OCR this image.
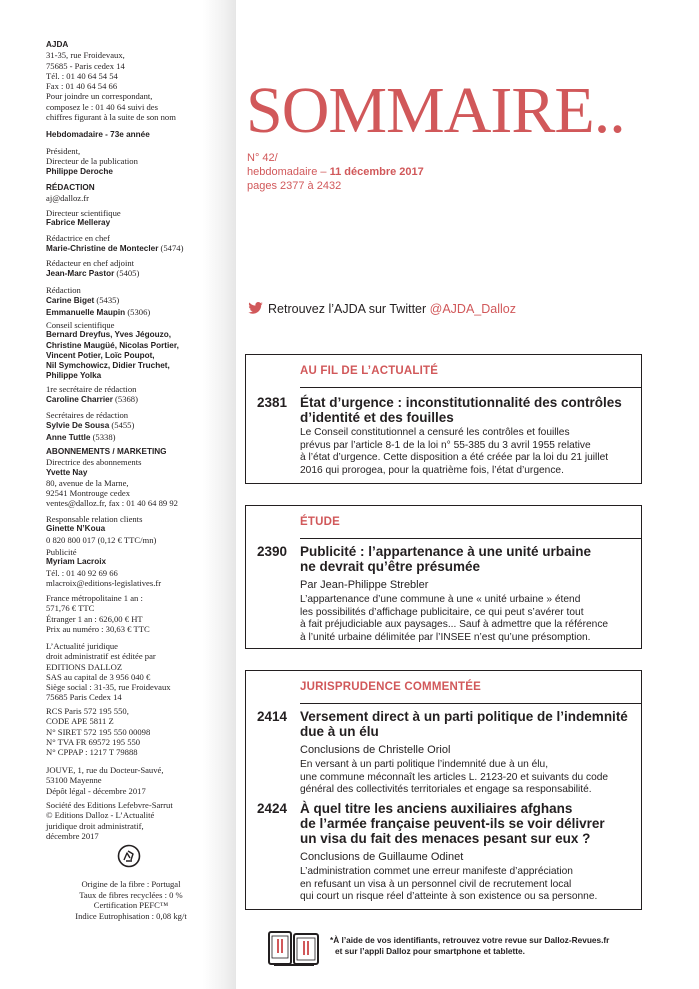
AJDA
31-35, rue Froidevaux,
75685 - Paris cedex 14
Tél. : 01 40 64 54 54
Fax : 01 40 64 54 66
Pour joindre un correspondant,
composez le : 01 40 64 suivi des
chiffres figurant à la suite de son nom
Hebdomadaire - 73e année
Président,
Directeur de la publication
Philippe Deroche
RÉDACTION
aj@dalloz.fr
Directeur scientifique
Fabrice Melleray
Rédactrice en chef
Marie-Christine de Montecler (5474)
Rédacteur en chef adjoint
Jean-Marc Pastor (5405)
Rédaction
Carine Biget (5435)
Emmanuelle Maupin (5306)
Conseil scientifique
Bernard Dreyfus, Yves Jégouzo,
Christine Maugüé, Nicolas Portier,
Vincent Potier, Loïc Poupot,
Nil Symchowicz, Didier Truchet,
Philippe Yolka
1re secrétaire de rédaction
Caroline Charrier (5368)
Secrétaires de rédaction
Sylvie De Sousa (5455)
Anne Tuttle (5338)
ABONNEMENTS / MARKETING
Directrice des abonnements
Yvette Nay
80, avenue de la Marne,
92541 Montrouge cedex
ventes@dalloz.fr, fax : 01 40 64 89 92
Responsable relation clients
Ginette N’Koua
0 820 800 017 (0,12 € TTC/mn)
Publicité
Myriam Lacroix
Tél. : 01 40 92 69 66
mlacroix@editions-legislatives.fr
France métropolitaine 1 an :
571,76 € TTC
Étranger 1 an : 626,00 € HT
Prix au numéro : 30,63 € TTC
L’Actualité juridique
droit administratif est éditée par
EDITIONS DALLOZ
SAS au capital de 3 956 040 €
Siège social : 31-35, rue Froidevaux
75685 Paris Cedex 14
RCS Paris 572 195 550,
CODE APE 5811 Z
N° SIRET 572 195 550 00098
N° TVA FR 69572 195 550
N° CPPAP : 1217 T 79888
JOUVE, 1, rue du Docteur-Sauvé,
53100 Mayenne
Dépôt légal - décembre 2017
Société des Editions Lefebvre-Sarrut
© Editions Dalloz - L’Actualité
juridique droit administratif,
décembre 2017
Origine de la fibre : Portugal
Taux de fibres recyclées : 0 %
Certification PEFC™
Indice Eutrophisation : 0,08 kg/t
SOMMAIRE..
N° 42/
hebdomadaire – 11 décembre 2017
pages 2377 à 2432
Retrouvez l’AJDA sur Twitter @AJDA_Dalloz
AU FIL DE L’ACTUALITÉ
2381 État d’urgence : inconstitutionnalité des contrôles
d’identité et des fouilles
Le Conseil constitutionnel a censuré les contrôles et fouilles
prévus par l’article 8-1 de la loi n° 55-385 du 3 avril 1955 relative
à l’état d’urgence. Cette disposition a été créée par la loi du 21 juillet
2016 qui prorogea, pour la quatrième fois, l’état d’urgence.
ÉTUDE
2390 Publicité : l’appartenance à une unité urbaine
ne devrait qu’être présumée
Par Jean-Philippe Strebler
L’appartenance d’une commune à une « unité urbaine » étend
les possibilités d’affichage publicitaire, ce qui peut s’avérer tout
à fait préjudiciable aux paysages... Sauf à admettre que la référence
à l’unité urbaine délimitée par l’INSEE n’est qu’une présomption.
JURISPRUDENCE COMMENTÉE
2414 Versement direct à un parti politique de l’indemnité
due à un élu
Conclusions de Christelle Oriol
En versant à un parti politique l’indemnité due à un élu,
une commune méconnaît les articles L. 2123-20 et suivants du code
général des collectivités territoriales et engage sa responsabilité.
2424 À quel titre les anciens auxiliaires afghans
de l’armée française peuvent-ils se voir délivrer
un visa du fait des menaces pesant sur eux ?
Conclusions de Guillaume Odinet
L’administration commet une erreur manifeste d’appréciation
en refusant un visa à un personnel civil de recrutement local
qui court un risque réel d’atteinte à son existence ou sa personne.
*À l’aide de vos identifiants, retrouvez votre revue sur Dalloz-Revues.fr
et sur l’appli Dalloz pour smartphone et tablette.
